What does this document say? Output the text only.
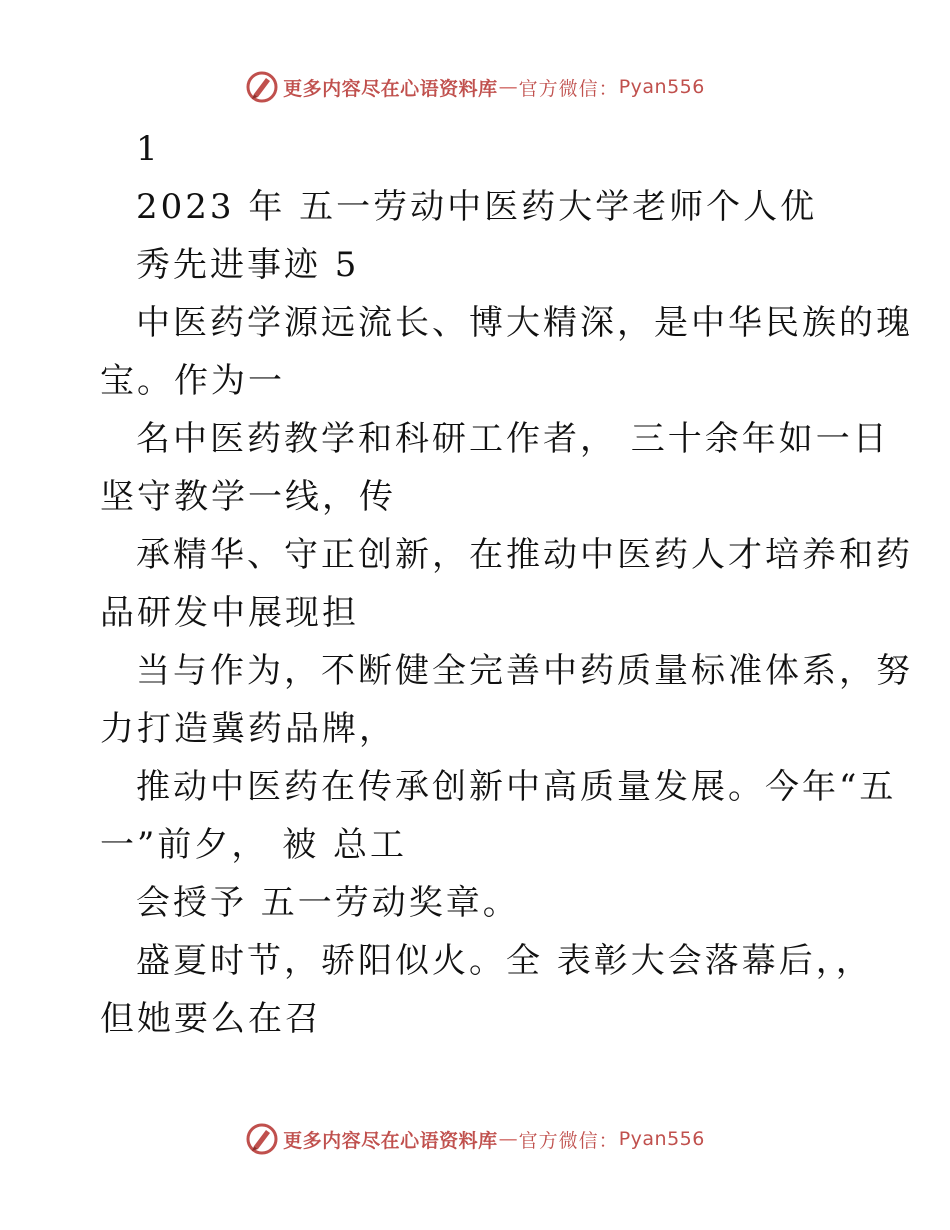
更多内容尽在心语资料库 — 官方微信： Pyan556
1
2023 年 五一劳动中医药大学老师个人优
秀先进事迹 5
中医药学源远流长、博大精深，是中华民族的瑰
宝。作为一
名中医药教学和科研工作者， 三十余年如一日
坚守教学一线，传
承精华、守正创新，在推动中医药人才培养和药
品研发中展现担
当与作为，不断健全完善中药质量标准体系，努
力打造冀药品牌，
推动中医药在传承创新中高质量发展。今年“五
一”前夕， 被 总工
会授予 五一劳动奖章。
盛夏时节，骄阳似火。全 表彰大会落幕后，，
但她要么在召
更多内容尽在心语资料库 — 官方微信： Pyan556
